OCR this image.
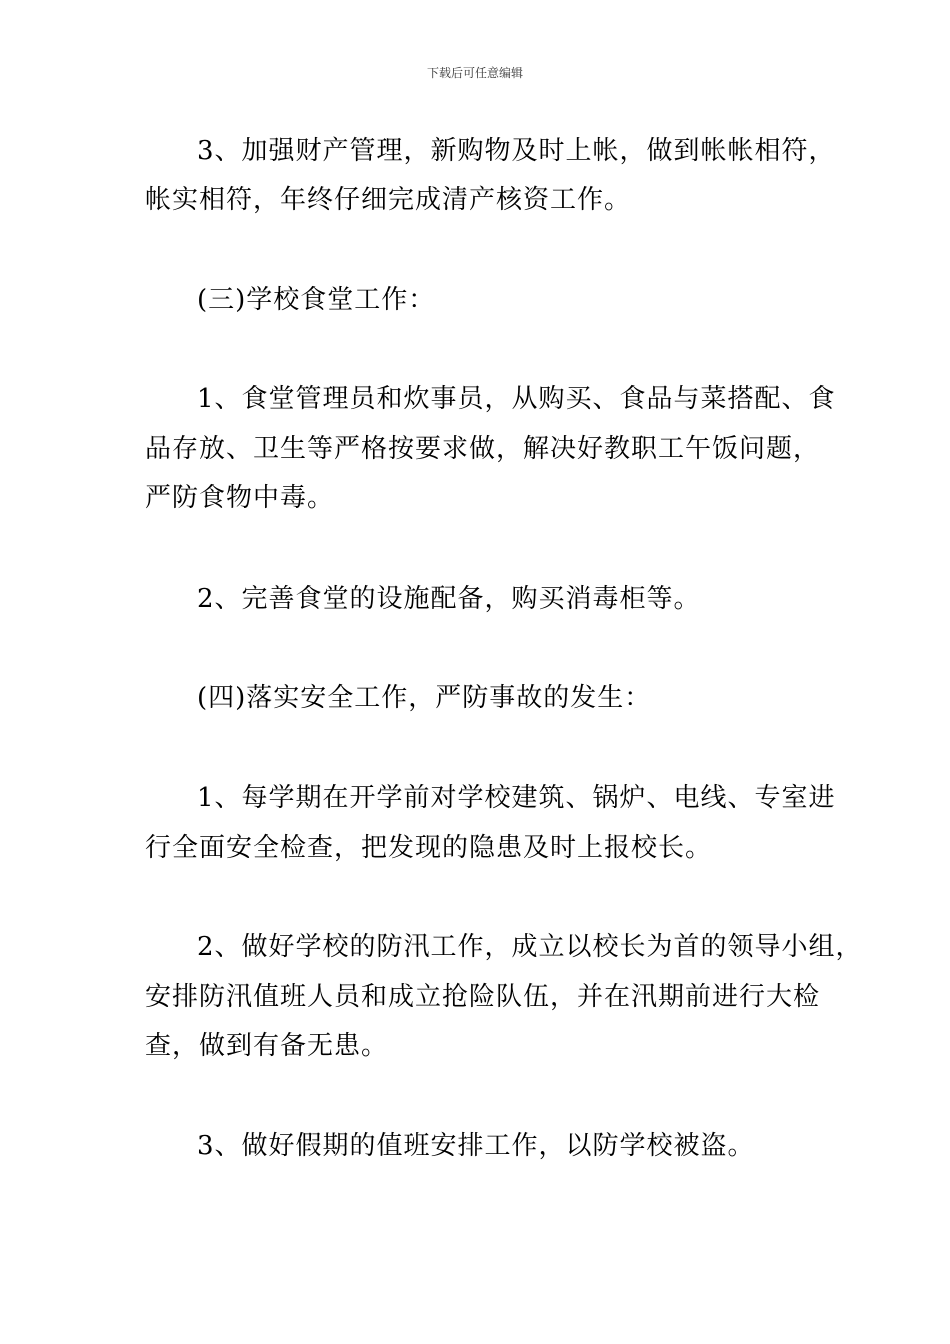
下载后可任意编辑
3、加强财产管理，新购物及时上帐，做到帐帐相符，
帐实相符，年终仔细完成清产核资工作。
(三)学校食堂工作：
1、食堂管理员和炊事员，从购买、食品与菜搭配、食
品存放、卫生等严格按要求做，解决好教职工午饭问题，
严防食物中毒。
2、完善食堂的设施配备，购买消毒柜等。
(四)落实安全工作，严防事故的发生：
1、每学期在开学前对学校建筑、锅炉、电线、专室进
行全面安全检查，把发现的隐患及时上报校长。
2、做好学校的防汛工作，成立以校长为首的领导小组，
安排防汛值班人员和成立抢险队伍，并在汛期前进行大检
查，做到有备无患。
3、做好假期的值班安排工作，以防学校被盗。
